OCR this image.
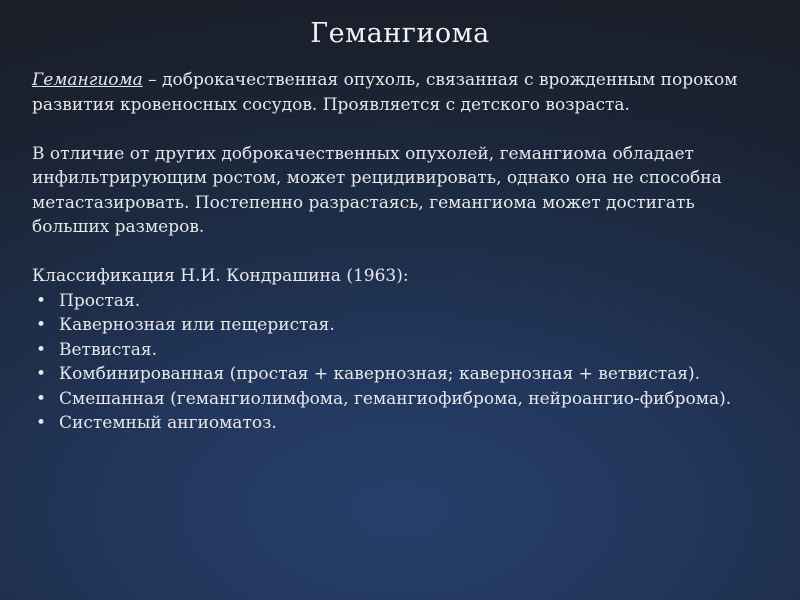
Гемангиома

Гемангиома – доброкачественная опухоль, связанная с врожденным пороком развития кровеносных сосудов. Проявляется с детского возраста.

В отличие от других доброкачественных опухолей, гемангиома обладает инфильтрирующим ростом, может рецидивировать, однако она не способна метастазировать. Постепенно разрастаясь, гемангиома может достигать больших размеров.

Классификация Н.И. Кондрашина (1963):

• Простая.
• Кавернозная или пещеристая.
• Ветвистая.
• Комбинированная (простая + кавернозная; кавернозная + ветвистая).
• Смешанная (гемангиолимфома, гемангиофиброма, нейроангио-фиброма).
• Системный ангиоматоз.
